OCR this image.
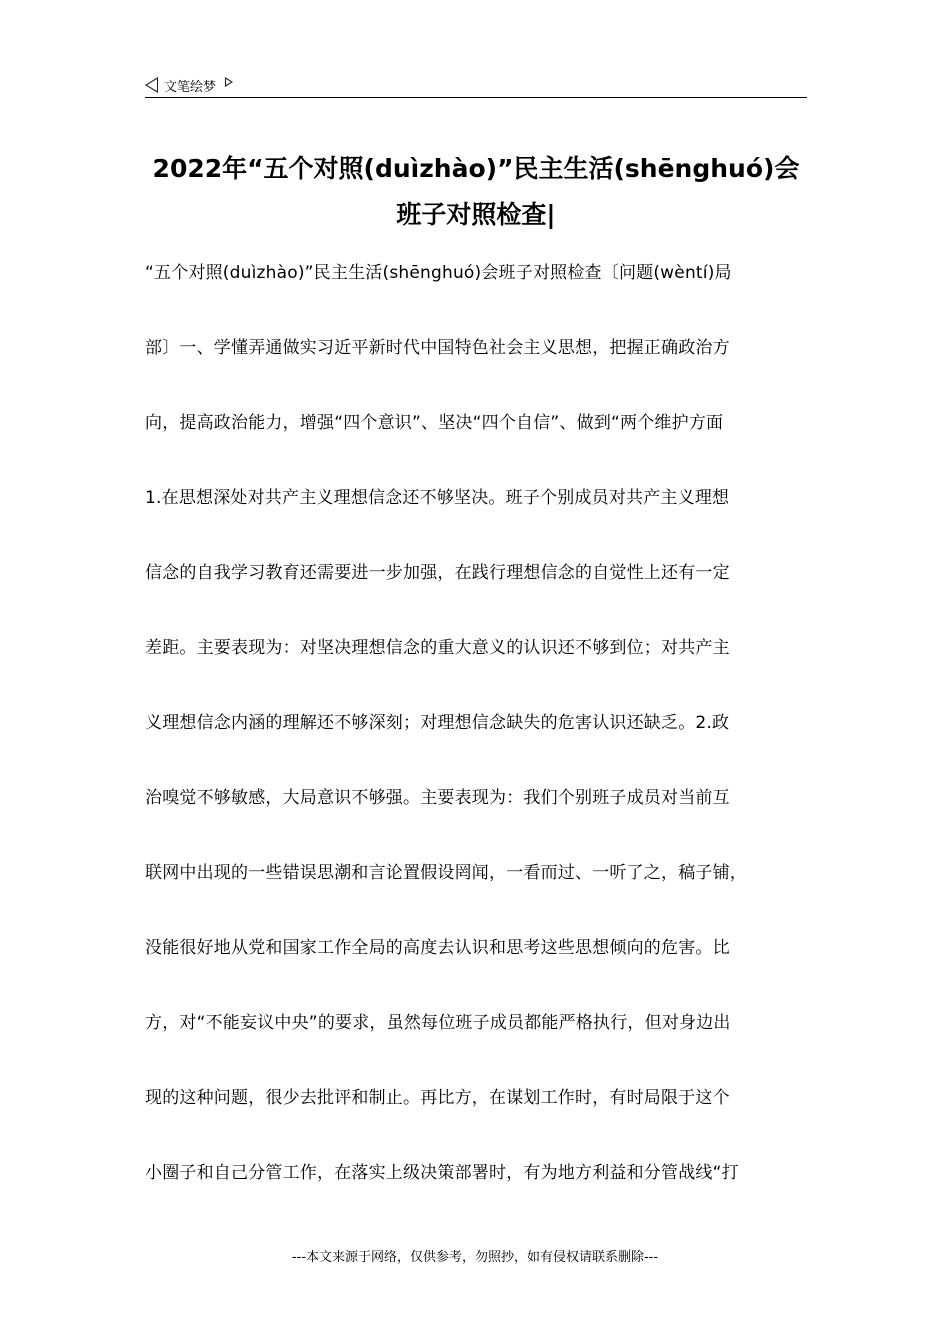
文笔绘梦
2022年“五个对照(duìzhào)”民主生活(shēnghuó)会
班子对照检查|
“五个对照(duìzhào)”民主生活(shēnghuó)会班子对照检查〔问题(wèntí)局
部〕一、学懂弄通做实习近平新时代中国特色社会主义思想，把握正确政治方
向，提高政治能力，增强“四个意识”、坚决“四个自信”、做到“两个维护方面
1.在思想深处对共产主义理想信念还不够坚决。班子个别成员对共产主义理想
信念的自我学习教育还需要进一步加强，在践行理想信念的自觉性上还有一定
差距。主要表现为：对坚决理想信念的重大意义的认识还不够到位；对共产主
义理想信念内涵的理解还不够深刻；对理想信念缺失的危害认识还缺乏。2.政
治嗅觉不够敏感，大局意识不够强。主要表现为：我们个别班子成员对当前互
联网中出现的一些错误思潮和言论置假设罔闻，一看而过、一听了之，稿子铺，
没能很好地从党和国家工作全局的高度去认识和思考这些思想倾向的危害。比
方，对“不能妄议中央”的要求，虽然每位班子成员都能严格执行，但对身边出
现的这种问题，很少去批评和制止。再比方，在谋划工作时，有时局限于这个
小圈子和自己分管工作，在落实上级决策部署时，有为地方利益和分管战线“打
---本文来源于网络，仅供参考，勿照抄，如有侵权请联系删除---
